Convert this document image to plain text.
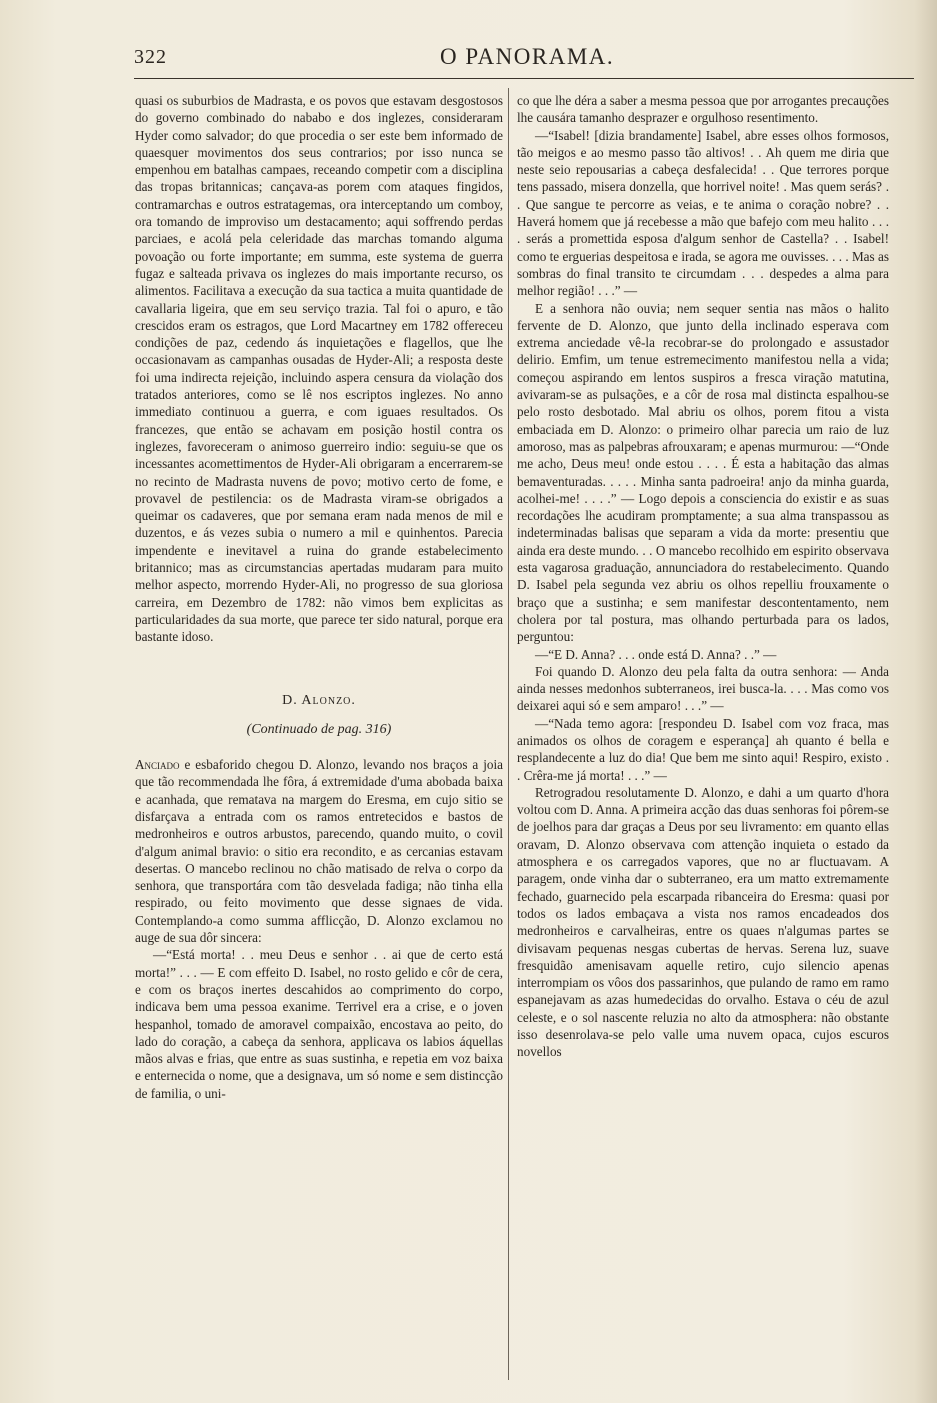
322	O PANORAMA.

quasi os suburbios de Madrasta, e os povos que estavam desgostosos do governo combinado do nababo e dos inglezes, consideraram Hyder como salvador; do que procedia o ser este bem informado de quaesquer movimentos dos seus contrarios; por isso nunca se empenhou em batalhas campaes, receando competir com a disciplina das tropas britannicas; cançava-as porem com ataques fingidos, contramarchas e outros estratagemas, ora interceptando um comboy, ora tomando de improviso um destacamento; aqui soffrendo perdas parciaes, e acolá pela celeridade das marchas tomando alguma povoação ou forte importante; em summa, este systema de guerra fugaz e salteada privava os inglezes do mais importante recurso, os alimentos. Facilitava a execução da sua tactica a muita quantidade de cavallaria ligeira, que em seu serviço trazia. Tal foi o apuro, e tão crescidos eram os estragos, que Lord Macartney em 1782 offereceu condições de paz, cedendo ás inquietações e flagellos, que lhe occasionavam as campanhas ousadas de Hyder-Ali; a resposta deste foi uma indirecta rejeição, incluindo aspera censura da violação dos tratados anteriores, como se lê nos escriptos inglezes. No anno immediato continuou a guerra, e com iguaes resultados. Os francezes, que então se achavam em posição hostil contra os inglezes, favoreceram o animoso guerreiro indio: seguiu-se que os incessantes acomettimentos de Hyder-Ali obrigaram a encerrarem-se no recinto de Madrasta nuvens de povo; motivo certo de fome, e provavel de pestilencia: os de Madrasta viram-se obrigados a queimar os cadaveres, que por semana eram nada menos de mil e duzentos, e ás vezes subia o numero a mil e quinhentos. Parecia impendente e inevitavel a ruina do grande estabelecimento britannico; mas as circumstancias apertadas mudaram para muito melhor aspecto, morrendo Hyder-Ali, no progresso de sua gloriosa carreira, em Dezembro de 1782: não vimos bem explicitas as particularidades da sua morte, que parece ter sido natural, porque era bastante idoso.

D. Alonzo.
(Continuado de pag. 316)

Anciado e esbaforido chegou D. Alonzo, levando nos braços a joia que tão recommendada lhe fôra, á extremidade d'uma abobada baixa e acanhada, que rematava na margem do Eresma, em cujo sitio se disfarçava a entrada com os ramos entretecidos e bastos de medronheiros e outros arbustos, parecendo, quando muito, o covil d'algum animal bravio: o sitio era recondito, e as cercanias estavam desertas. O mancebo reclinou no chão matisado de relva o corpo da senhora, que transportára com tão desvelada fadiga; não tinha ella respirado, ou feito movimento que desse signaes de vida. Contemplando-a como summa afflicção, D. Alonzo exclamou no auge de sua dôr sincera:

—“Está morta! . . meu Deus e senhor . . ai que de certo está morta!” . . . — E com effeito D. Isabel, no rosto gelido e côr de cera, e com os braços inertes descahidos ao comprimento do corpo, indicava bem uma pessoa exanime. Terrivel era a crise, e o joven hespanhol, tomado de amoravel compaixão, encostava ao peito, do lado do coração, a cabeça da senhora, applicava os labios áquellas mãos alvas e frias, que entre as suas sustinha, e repetia em voz baixa e enternecida o nome, que a designava, um só nome e sem distincção de familia, o uni-

co que lhe déra a saber a mesma pessoa que por arrogantes precauções lhe causára tamanho desprazer e orgulhoso resentimento.

—“Isabel! [dizia brandamente] Isabel, abre esses olhos formosos, tão meigos e ao mesmo passo tão altivos! . . Ah quem me diria que neste seio repousarias a cabeça desfalecida! . . Que terrores porque tens passado, misera donzella, que horrivel noite! . Mas quem serás? . . Que sangue te percorre as veias, e te anima o coração nobre? . . Haverá homem que já recebesse a mão que bafejo com meu halito . . . . serás a promettida esposa d'algum senhor de Castella? . . Isabel! como te erguerias despeitosa e irada, se agora me ouvisses. . . . Mas as sombras do final transito te circumdam . . . despedes a alma para melhor região! . . .” —

E a senhora não ouvia; nem sequer sentia nas mãos o halito fervente de D. Alonzo, que junto della inclinado esperava com extrema anciedade vê-la recobrar-se do prolongado e assustador delirio. Emfim, um tenue estremecimento manifestou nella a vida; começou aspirando em lentos suspiros a fresca viração matutina, avivaram-se as pulsações, e a côr de rosa mal distincta espalhou-se pelo rosto desbotado. Mal abriu os olhos, porem fitou a vista embaciada em D. Alonzo: o primeiro olhar parecia um raio de luz amoroso, mas as palpebras afrouxaram; e apenas murmurou: —“Onde me acho, Deus meu! onde estou . . . . É esta a habitação das almas bemaventuradas. . . . . Minha santa padroeira! anjo da minha guarda, acolhei-me! . . . .” — Logo depois a consciencia do existir e as suas recordações lhe acudiram promptamente; a sua alma transpassou as indeterminadas balisas que separam a vida da morte: presentiu que ainda era deste mundo. . . O mancebo recolhido em espirito observava esta vagarosa graduação, annunciadora do restabelecimento. Quando D. Isabel pela segunda vez abriu os olhos repelliu frouxamente o braço que a sustinha; e sem manifestar descontentamento, nem cholera por tal postura, mas olhando perturbada para os lados, perguntou:

—“E D. Anna? . . . onde está D. Anna? . .” —

Foi quando D. Alonzo deu pela falta da outra senhora: — Anda ainda nesses medonhos subterraneos, irei busca-la. . . . Mas como vos deixarei aqui só e sem amparo! . . .” —

—“Nada temo agora: [respondeu D. Isabel com voz fraca, mas animados os olhos de coragem e esperança] ah quanto é bella e resplandecente a luz do dia! Que bem me sinto aqui! Respiro, existo . . Crêra-me já morta! . . .” —

Retrogradou resolutamente D. Alonzo, e dahi a um quarto d'hora voltou com D. Anna. A primeira acção das duas senhoras foi pôrem-se de joelhos para dar graças a Deus por seu livramento: em quanto ellas oravam, D. Alonzo observava com attenção inquieta o estado da atmosphera e os carregados vapores, que no ar fluctuavam. A paragem, onde vinha dar o subterraneo, era um matto extremamente fechado, guarnecido pela escarpada ribanceira do Eresma: quasi por todos os lados embaçava a vista nos ramos encadeados dos medronheiros e carvalheiras, entre os quaes n'algumas partes se divisavam pequenas nesgas cubertas de hervas. Serena luz, suave fresquidão amenisavam aquelle retiro, cujo silencio apenas interrompiam os vôos dos passarinhos, que pulando de ramo em ramo espanejavam as azas humedecidas do orvalho. Estava o céu de azul celeste, e o sol nascente reluzia no alto da atmosphera: não obstante isso desenrolava-se pelo valle uma nuvem opaca, cujos escuros novellos
